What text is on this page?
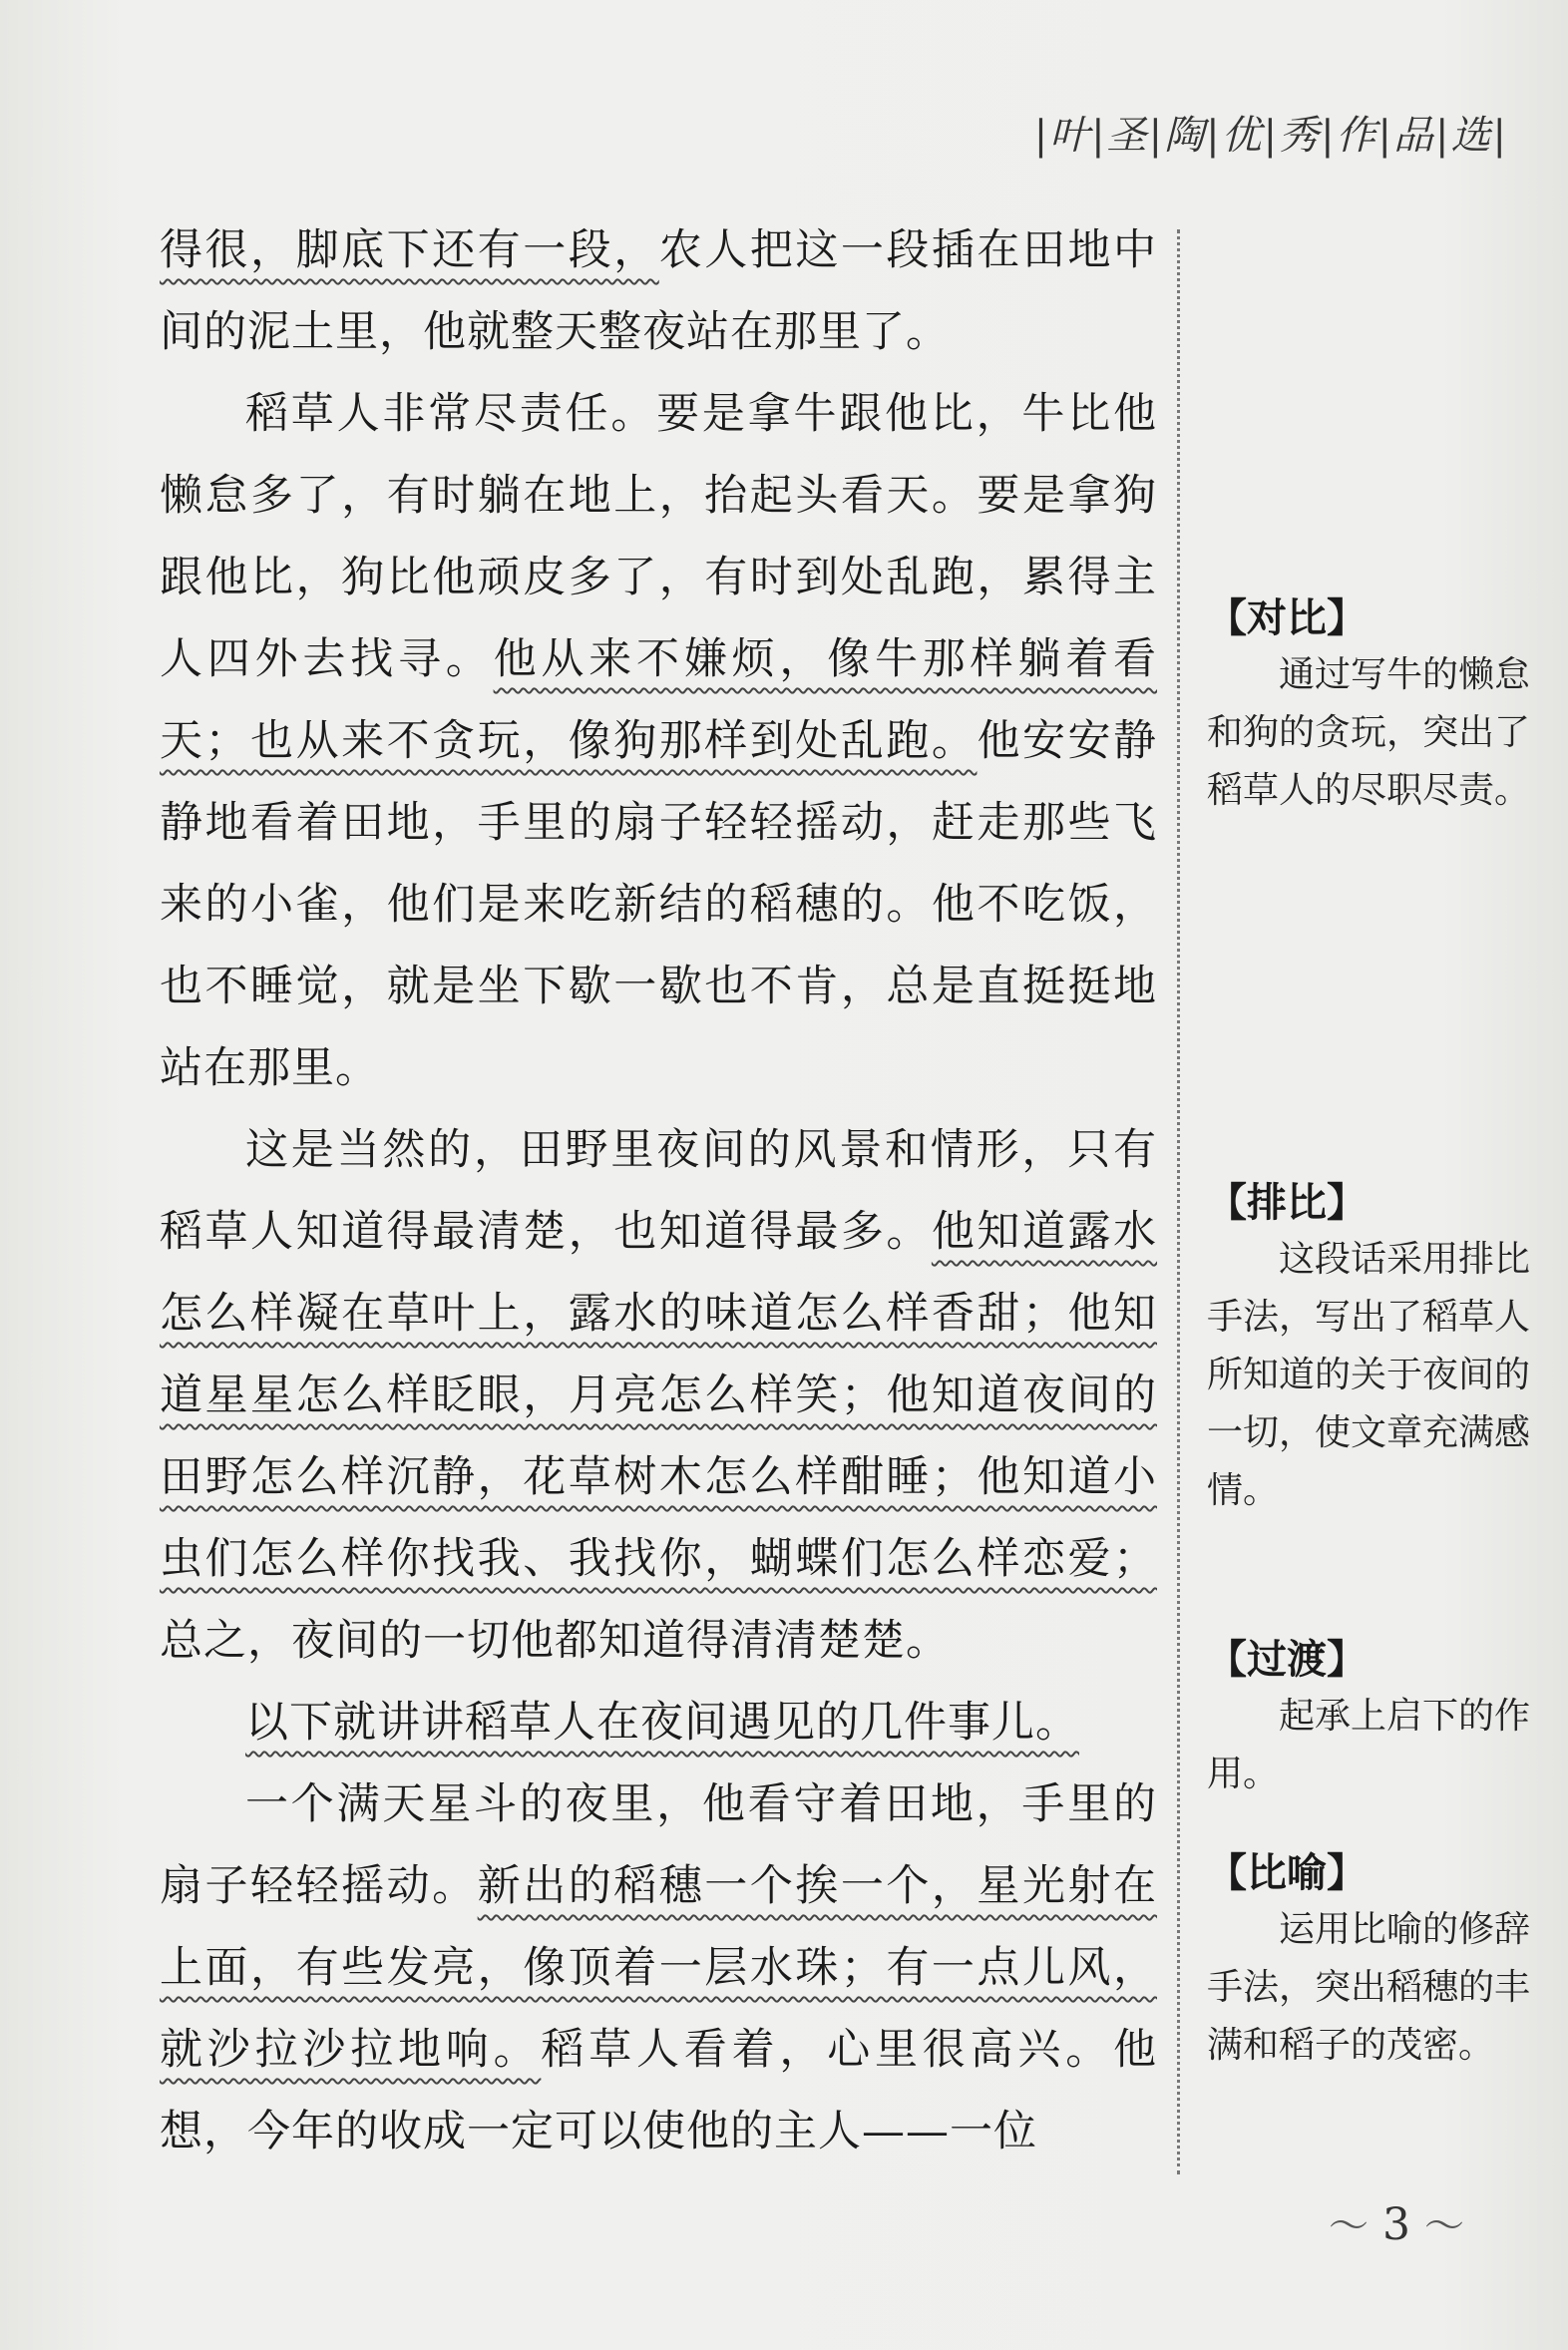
|叶|圣|陶|优|秀|作|品|选|

得很，脚底下还有一段，农人把这一段插在田地中间的泥土里，他就整天整夜站在那里了。

稻草人非常尽责任。要是拿牛跟他比，牛比他懒怠多了，有时躺在地上，抬起头看天。要是拿狗跟他比，狗比他顽皮多了，有时到处乱跑，累得主人四外去找寻。他从来不嫌烦，像牛那样躺着看天；也从来不贪玩，像狗那样到处乱跑。他安安静静地看着田地，手里的扇子轻轻摇动，赶走那些飞来的小雀，他们是来吃新结的稻穗的。他不吃饭，也不睡觉，就是坐下歇一歇也不肯，总是直挺挺地站在那里。

这是当然的，田野里夜间的风景和情形，只有稻草人知道得最清楚，也知道得最多。他知道露水怎么样凝在草叶上，露水的味道怎么样香甜；他知道星星怎么样眨眼，月亮怎么样笑；他知道夜间的田野怎么样沉静，花草树木怎么样酣睡；他知道小虫们怎么样你找我、我找你，蝴蝶们怎么样恋爱；总之，夜间的一切他都知道得清清楚楚。

以下就讲讲稻草人在夜间遇见的几件事儿。

一个满天星斗的夜里，他看守着田地，手里的扇子轻轻摇动。新出的稻穗一个挨一个，星光射在上面，有些发亮，像顶着一层水珠；有一点儿风，就沙拉沙拉地响。稻草人看着，心里很高兴。他想，今年的收成一定可以使他的主人——一位

【对比】

通过写牛的懒怠和狗的贪玩，突出了稻草人的尽职尽责。

【排比】

这段话采用排比手法，写出了稻草人所知道的关于夜间的一切，使文章充满感情。

【过渡】

起承上启下的作用。

【比喻】

运用比喻的修辞手法，突出稻穗的丰满和稻子的茂密。

〜 3 〜
